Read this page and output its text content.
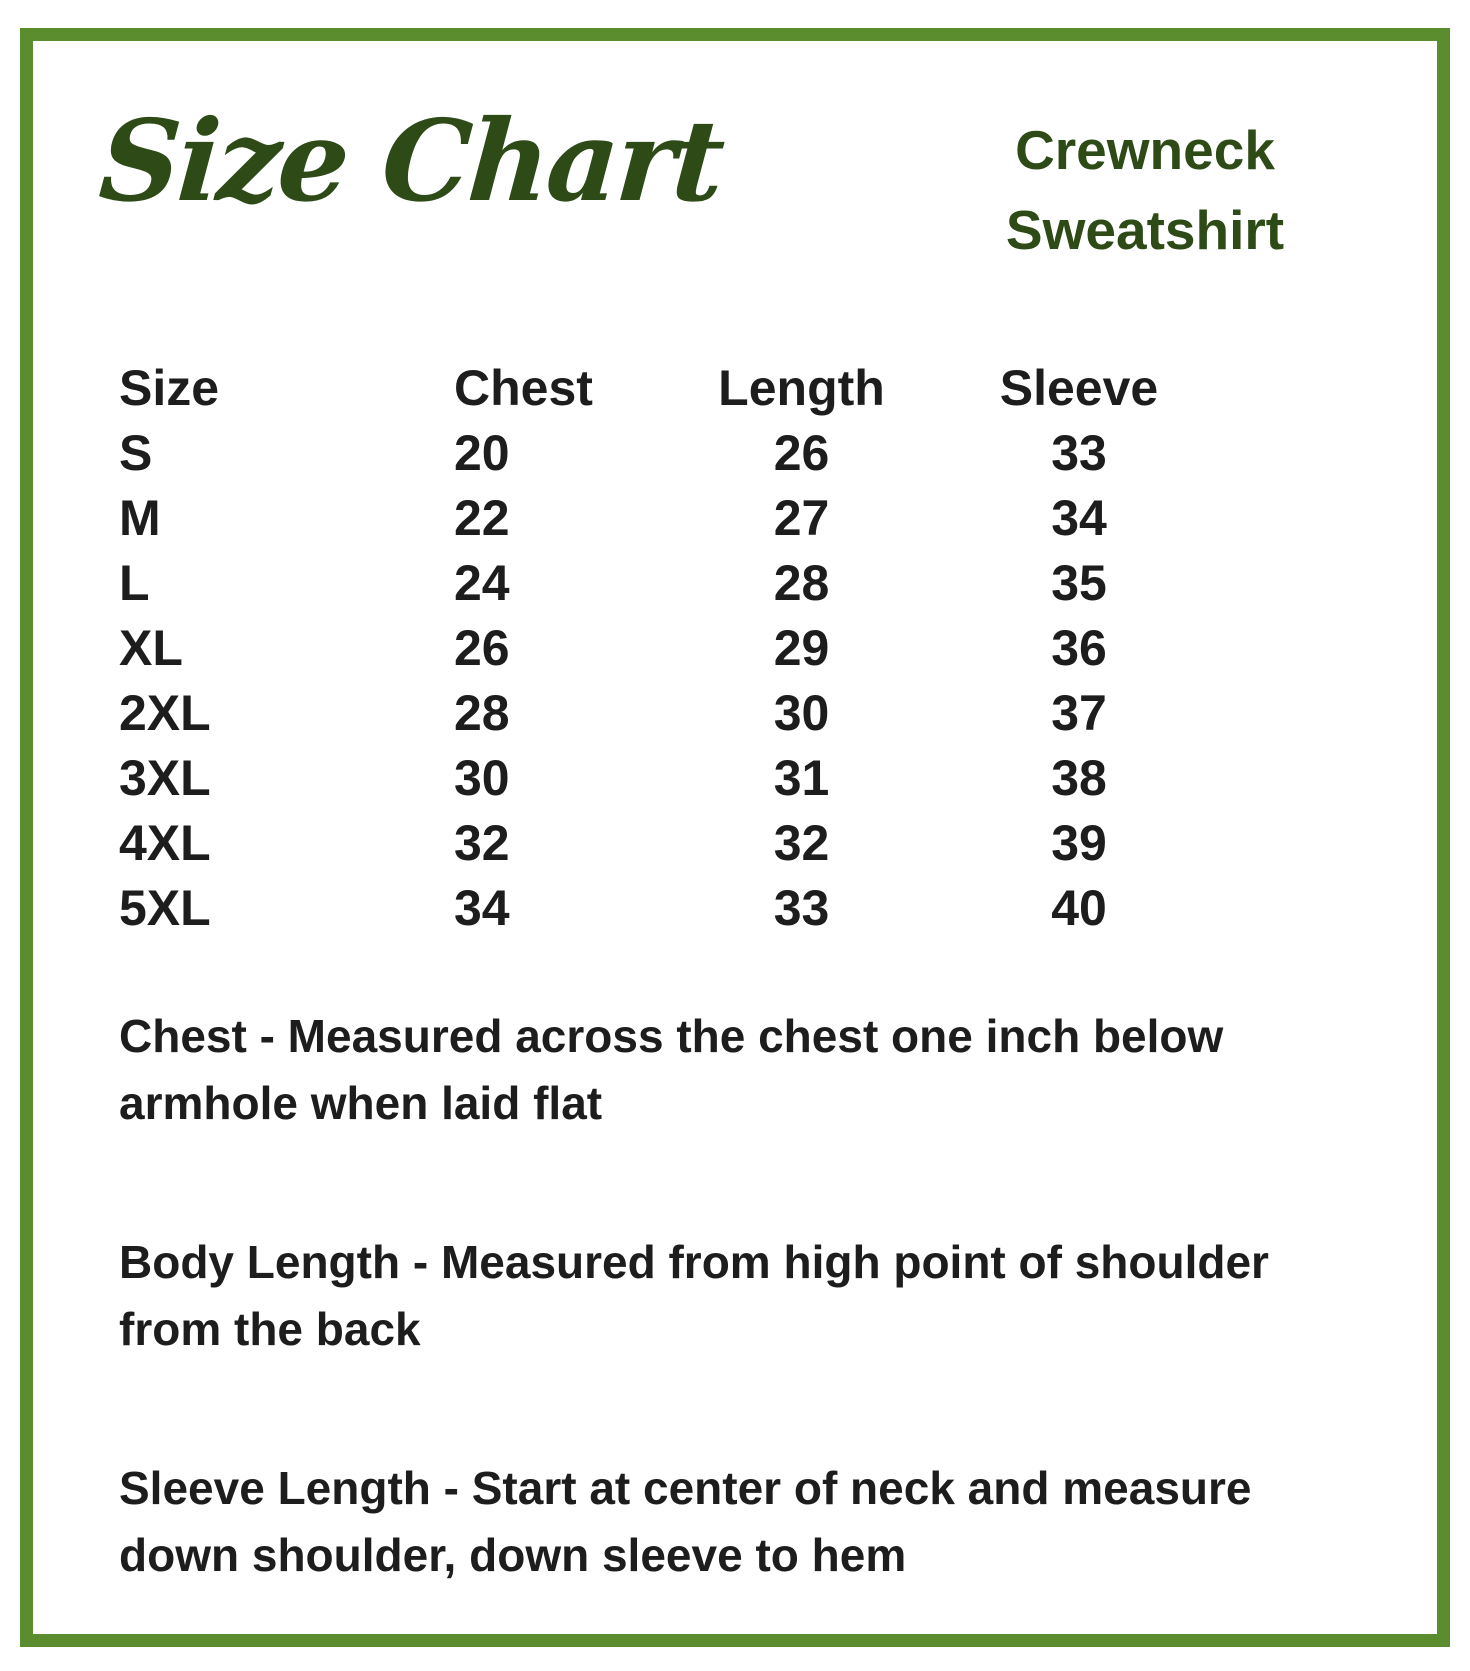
Size Chart	Crewneck Sweatshirt
Size	Chest	Length	Sleeve
S	20	26	33
M	22	27	34
L	24	28	35
XL	26	29	36
2XL	28	30	37
3XL	30	31	38
4XL	32	32	39
5XL	34	33	40

Chest - Measured across the chest one inch below armhole when laid flat

Body Length - Measured from high point of shoulder from the back

Sleeve Length - Start at center of neck and measure down shoulder, down sleeve to hem
